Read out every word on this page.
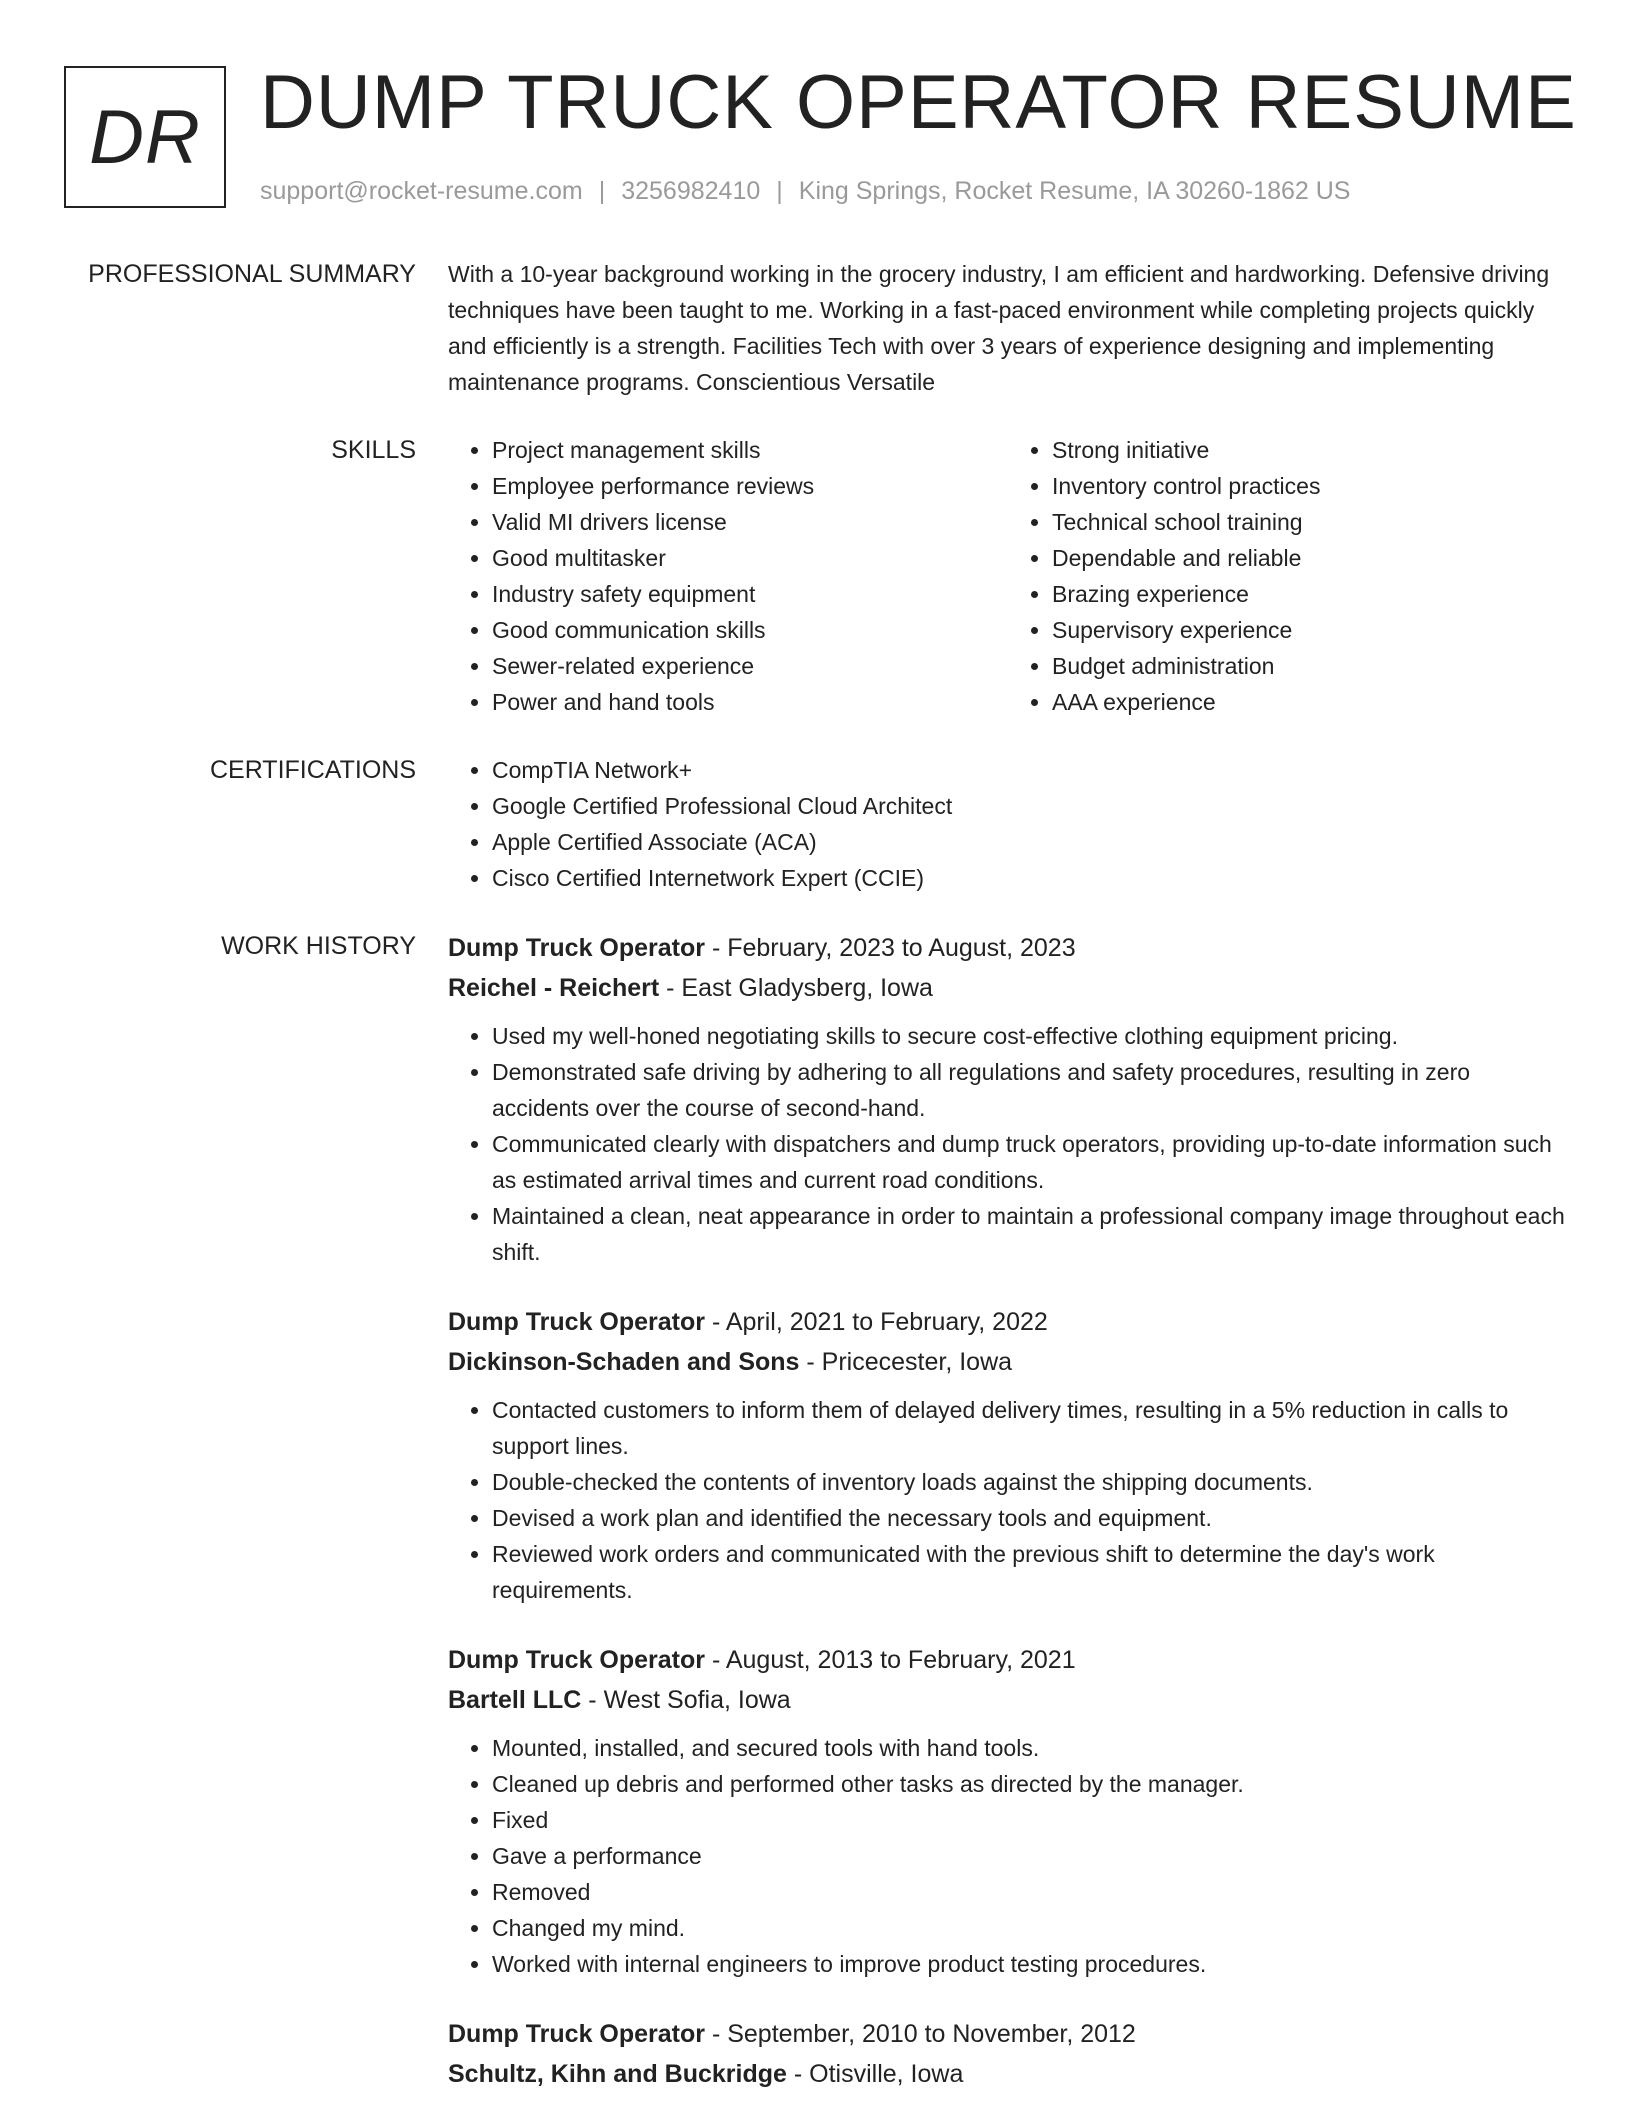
DR DUMP TRUCK OPERATOR RESUME
support@rocket-resume.com | 3256982410 | King Springs, Rocket Resume, IA 30260-1862 US
PROFESSIONAL SUMMARY With a 10-year background working in the grocery industry, I am efficient and hardworking. Defensive driving techniques have been taught to me. Working in a fast-paced environment while completing projects quickly and efficiently is a strength. Facilities Tech with over 3 years of experience designing and implementing maintenance programs. Conscientious Versatile

SKILLS	• Project management skills
• Employee performance reviews
• Valid MI drivers license
• Good multitasker
• Industry safety equipment
• Good communication skills
• Sewer-related experience
• Power and hand tools
• Strong initiative
• Inventory control practices
• Technical school training
• Dependable and reliable
• Brazing experience
• Supervisory experience
• Budget administration
• AAA experience
CERTIFICATIONS	• CompTIA Network+
• Google Certified Professional Cloud Architect
• Apple Certified Associate (ACA)
• Cisco Certified Internetwork Expert (CCIE)
WORK HISTORY Dump Truck Operator - February, 2023 to August, 2023
Reichel - Reichert - East Gladysberg, Iowa
• Used my well-honed negotiating skills to secure cost-effective clothing equipment pricing.
• Demonstrated safe driving by adhering to all regulations and safety procedures, resulting in zero accidents over the course of second-hand.
• Communicated clearly with dispatchers and dump truck operators, providing up-to-date information such as estimated arrival times and current road conditions.
• Maintained a clean, neat appearance in order to maintain a professional company image throughout each shift.
Dump Truck Operator - April, 2021 to February, 2022
Dickinson-Schaden and Sons - Pricecester, Iowa
• Contacted customers to inform them of delayed delivery times, resulting in a 5% reduction in calls to support lines.
• Double-checked the contents of inventory loads against the shipping documents.
• Devised a work plan and identified the necessary tools and equipment.
• Reviewed work orders and communicated with the previous shift to determine the day's work requirements.
Dump Truck Operator - August, 2013 to February, 2021
Bartell LLC - West Sofia, Iowa
• Mounted, installed, and secured tools with hand tools.
• Cleaned up debris and performed other tasks as directed by the manager.
• Fixed
• Gave a performance
• Removed
• Changed my mind.
• Worked with internal engineers to improve product testing procedures.
Dump Truck Operator - September, 2010 to November, 2012
Schultz, Kihn and Buckridge - Otisville, Iowa
